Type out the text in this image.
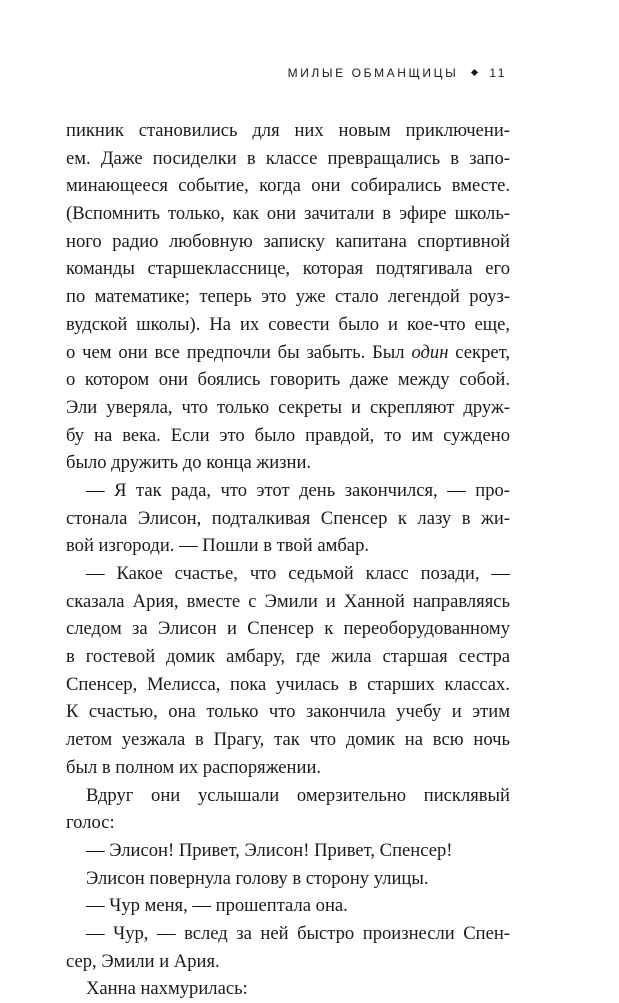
МИЛЫЕ ОБМАНЩИЦЫ	11
пикник становились для них новым приключени-
ем. Даже посиделки в классе превращались в запо-
минающееся событие, когда они собирались вместе.
(Вспомнить только, как они зачитали в эфире школь-
ного радио любовную записку капитана спортивной
команды старшекласснице, которая подтягивала его
по математике; теперь это уже стало легендой роуз-
вудской школы). На их совести было и кое-что еще,
о чем они все предпочли бы забыть. Был один секрет,
о котором они боялись говорить даже между собой.
Эли уверяла, что только секреты и скрепляют друж-
бу на века. Если это было правдой, то им суждено
было дружить до конца жизни.
— Я так рада, что этот день закончился, — про-
стонала Элисон, подталкивая Спенсер к лазу в жи-
вой изгороди. — Пошли в твой амбар.
— Какое счастье, что седьмой класс позади, —
сказала Ария, вместе с Эмили и Ханной направляясь
следом за Элисон и Спенсер к переоборудованному
в гостевой домик амбару, где жила старшая сестра
Спенсер, Мелисса, пока училась в старших классах.
К счастью, она только что закончила учебу и этим
летом уезжала в Прагу, так что домик на всю ночь
был в полном их распоряжении.
Вдруг они услышали омерзительно писклявый
голос:
— Элисон! Привет, Элисон! Привет, Спенсер!
Элисон повернула голову в сторону улицы.
— Чур меня, — прошептала она.
— Чур, — вслед за ней быстро произнесли Спен-
сер, Эмили и Ария.
Ханна нахмурилась:
